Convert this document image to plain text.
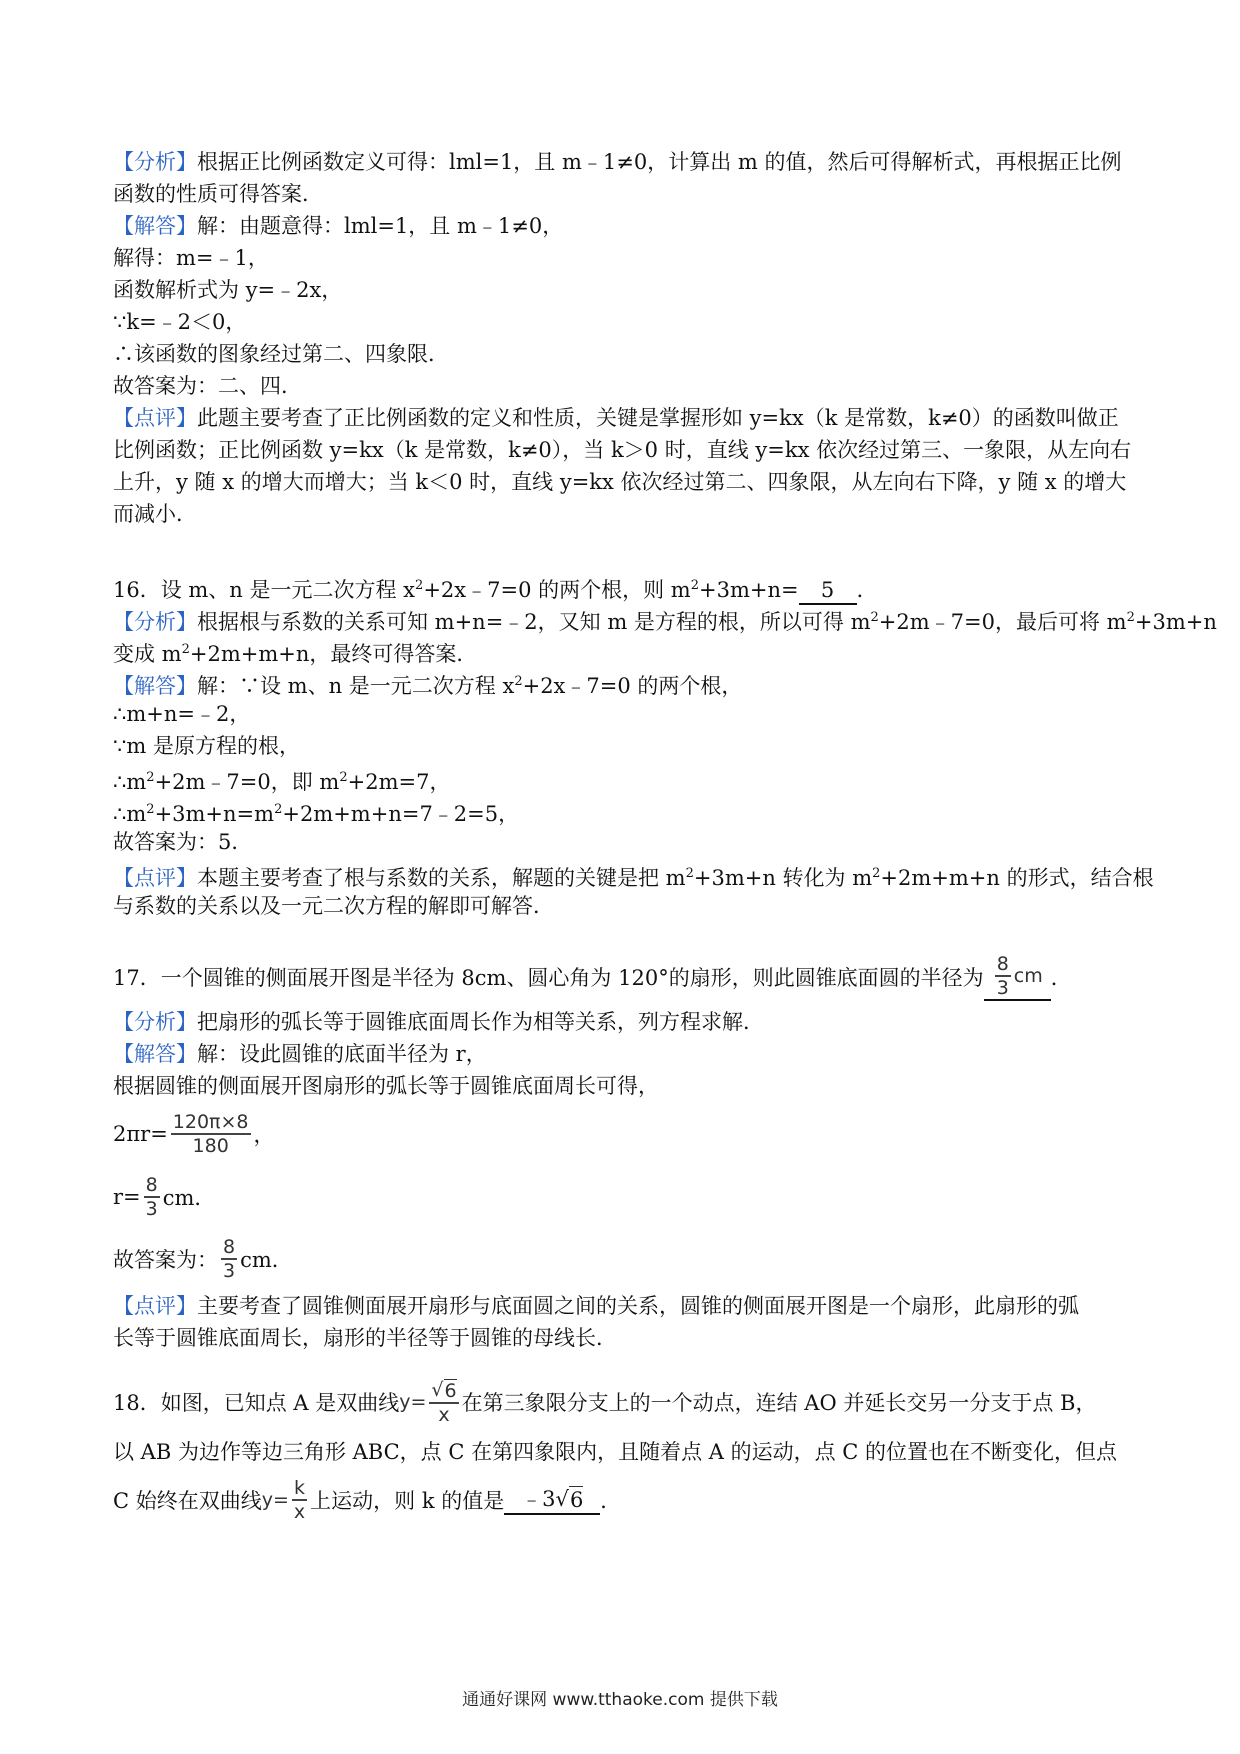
【分析】根据正比例函数定义可得：lml=1，且 m﹣1≠0，计算出 m 的值，然后可得解析式，再根据正比例
函数的性质可得答案．
【解答】解：由题意得：lml=1，且 m﹣1≠0，
解得：m=﹣1，
函数解析式为 y=﹣2x，
∵k=﹣2＜0，
∴该函数的图象经过第二、四象限．
故答案为：二、四．
【点评】此题主要考查了正比例函数的定义和性质，关键是掌握形如 y=kx（k 是常数，k≠0）的函数叫做正比例函数；正比例函数 y=kx（k 是常数，k≠0），当 k＞0 时，直线 y=kx 依次经过第三、一象限，从左向右上升，y 随 x 的增大而增大；当 k＜0 时，直线 y=kx 依次经过第二、四象限，从左向右下降，y 随 x 的增大而减小．
16．设 m、n 是一元二次方程 $x^2+2x﹣7=0$ 的两个根，则 $m^2+3m+n= 5$ ．
【分析】根据根与系数的关系可知 m+n=﹣2，又知 m 是方程的根，所以可得 $m^2+2m﹣7=0$，最后可将 $m^2+3m+n$
变成 $m^2+2m+m+n$，最终可得答案．
【解答】解：∵设 m、n 是一元二次方程 $x^2+2x﹣7=0$ 的两个根，
∴m+n=﹣2，
∵m 是原方程的根，
$\therefore m^2+2m﹣7=0$，即 $m^2+2m=7$，
$\therefore m^2+3m+n=m^2+2m+m+n=7﹣2=5$，
故答案为：5．
【点评】本题主要考查了根与系数的关系，解题的关键是把 $m^2+3m+n$ 转化为 $m^2+2m+m+n$ 的形式，结合根
与系数的关系以及一元二次方程的解即可解答．
17．一个圆锥的侧面展开图是半径为 8cm、圆心角为 120°的扇形，则此圆锥底面圆的半径为 $\frac{8}{3}$ cm ．
【分析】把扇形的弧长等于圆锥底面周长作为相等关系，列方程求解．
【解答】解：设此圆锥的底面半径为 r，
根据圆锥的侧面展开图扇形的弧长等于圆锥底面周长可得，
$2\pi r= \frac{120\pi\times 8}{180}$ ，
$r= \frac{8}{3}$ cm．
故答案为： $\frac{8}{3}$ cm．
【点评】主要考查了圆锥侧面展开扇形与底面圆之间的关系，圆锥的侧面展开图是一个扇形，此扇形的弧
长等于圆锥底面周长，扇形的半径等于圆锥的母线长．
18．如图，已知点 A 是双曲线 $y= \frac{√ 6}{x}$ 在第三象限分支上的一个动点，连结 AO 并延长交另一分支于点 B，
以 AB 为边作等边三角形 ABC，点 C 在第四象限内，且随着点 A 的运动，点 C 的位置也在不断变化，但点
C 始终在双曲线 $y= \frac{k}{x}$ 上运动，则 k 的值是 ﹣3√ 6 ．
通通好课网 www.tthaoke.com 提供下载
